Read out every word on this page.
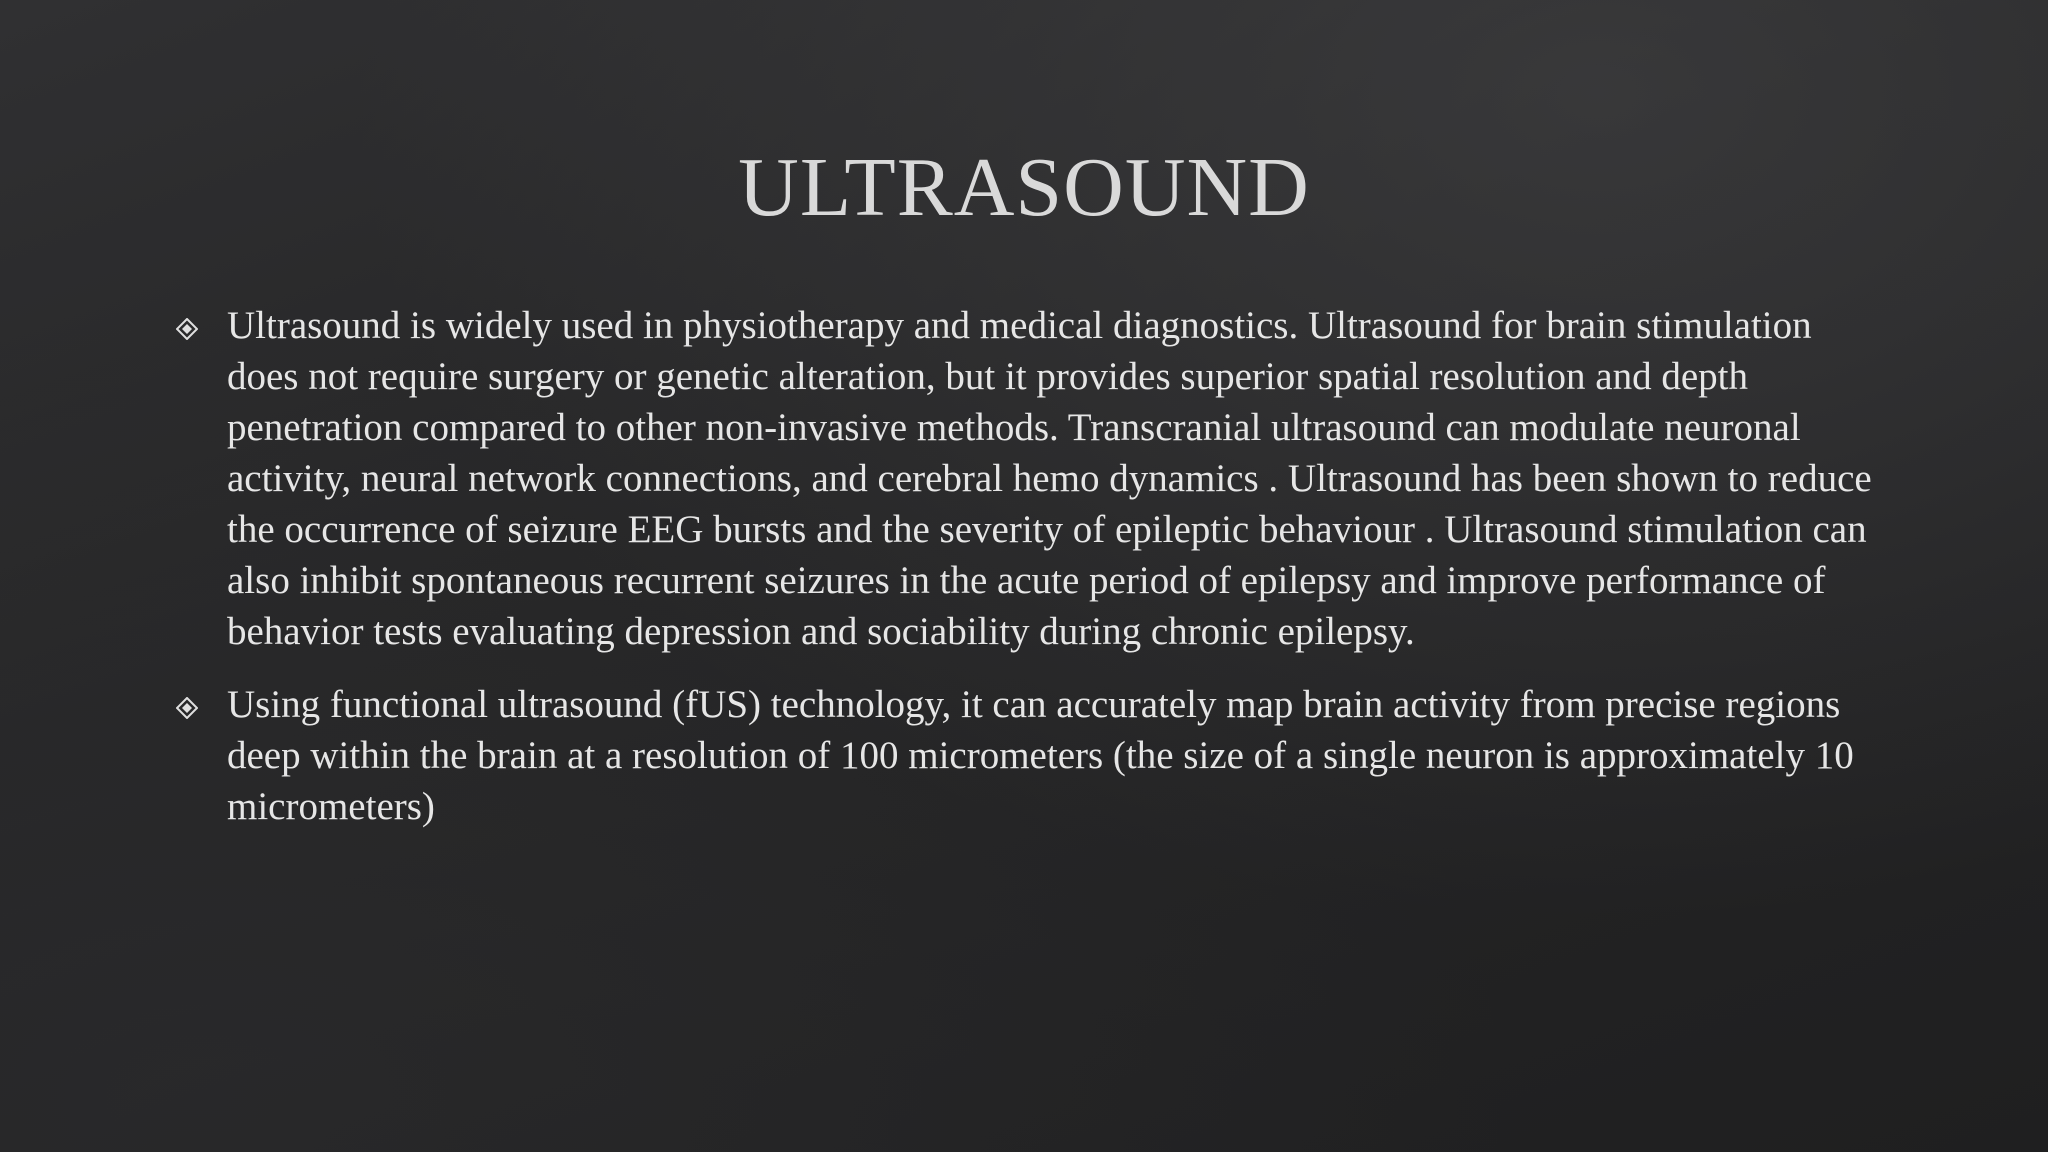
ULTRASOUND
Ultrasound is widely used in physiotherapy and medical diagnostics. Ultrasound for brain stimulation does not require surgery or genetic alteration, but it provides superior spatial resolution and depth penetration compared to other non-invasive methods. Transcranial ultrasound can modulate neuronal activity, neural network connections, and cerebral hemo dynamics . Ultrasound has been shown to reduce the occurrence of seizure EEG bursts and the severity of epileptic behaviour . Ultrasound stimulation can also inhibit spontaneous recurrent seizures in the acute period of epilepsy and improve performance of behavior tests evaluating depression and sociability during chronic epilepsy.
Using functional ultrasound (fUS) technology, it can accurately map brain activity from precise regions deep within the brain at a resolution of 100 micrometers (the size of a single neuron is approximately 10 micrometers)
